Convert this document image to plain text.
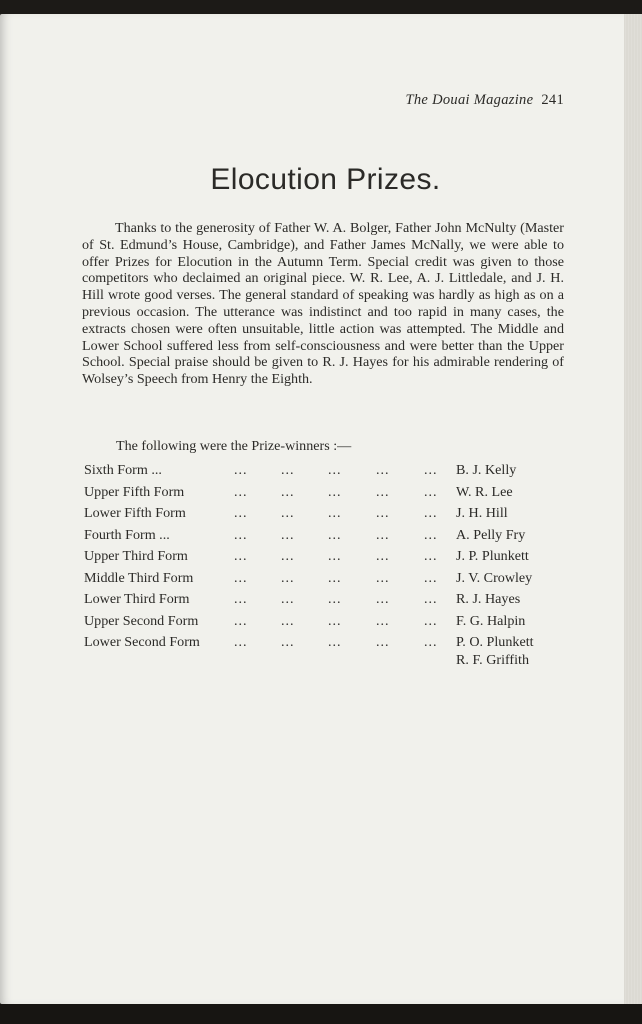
The Douai Magazine 241
Elocution Prizes.

Thanks to the generosity of Father W. A. Bolger, Father John McNulty (Master of St. Edmund’s House, Cambridge), and Father James McNally, we were able to offer Prizes for Elocution in the Autumn Term. Special credit was given to those competitors who declaimed an original piece. W. R. Lee, A. J. Littledale, and J. H. Hill wrote good verses. The general standard of speaking was hardly as high as on a previous occasion. The utterance was indistinct and too rapid in many cases, the extracts chosen were often unsuitable, little action was attempted. The Middle and Lower School suffered less from self-consciousness and were better than the Upper School. Special praise should be given to R. J. Hayes for his admirable rendering of Wolsey’s Speech from Henry the Eighth.

The following were the Prize-winners :—

Sixth Form ...	... ... ... ... ... B. J. Kelly
Upper Fifth Form	... ... ... ... ... W. R. Lee
Lower Fifth Form	... ... ... ... ... J. H. Hill
Fourth Form ...	... ... ... ... ... A. Pelly Fry
Upper Third Form	... ... ... ... ... J. P. Plunkett
Middle Third Form	... ... ... ... ... J. V. Crowley
Lower Third Form	... ... ... ... ... R. J. Hayes
Upper Second Form	... ... ... ... ... F. G. Halpin
Lower Second Form ... ... ... ... ... P. O. Plunkett
R. F. Griffith
